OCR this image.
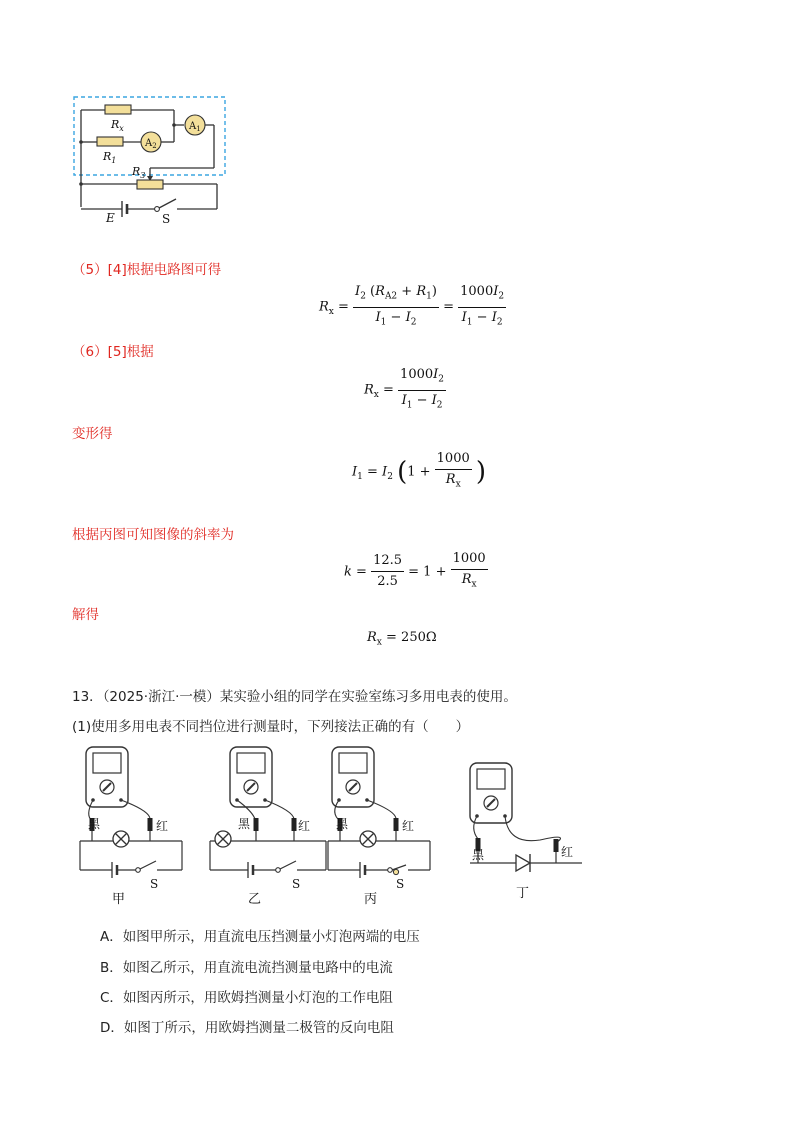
$R_x$	$A_1$
$A_2$
$R_1$
$R_3$
E	S
（5）[4]根据电路图可得
$R_x = \frac{I_2 (R_{A2} + R_1)}{I_1 - I_2} = \frac{1000I_2}{I_1 - I_2}$
（6）[5]根据
$R_x = \frac{1000I_2}{I_1 - I_2}$
变形得
$I_1 = I_2$ ($1 + \frac{1000}{R_x}$ )
根据丙图可知图像的斜率为
$k = \frac{12.5}{2.5} = 1 + \frac{1000}{R_x}$
解得
$R_x = 250\Omega$
13．（2025·浙江·一模）某实验小组的同学在实验室练习多用电表的使用。
(1)使用多用电表不同挡位进行测量时，下列接法正确的有（　　）
黑	红
S
甲
黑	红
S
乙
黑	红
S
丙
黑	红
丁
A．如图甲所示，用直流电压挡测量小灯泡两端的电压
B．如图乙所示，用直流电流挡测量电路中的电流
C．如图丙所示，用欧姆挡测量小灯泡的工作电阻
D．如图丁所示，用欧姆挡测量二极管的反向电阻
